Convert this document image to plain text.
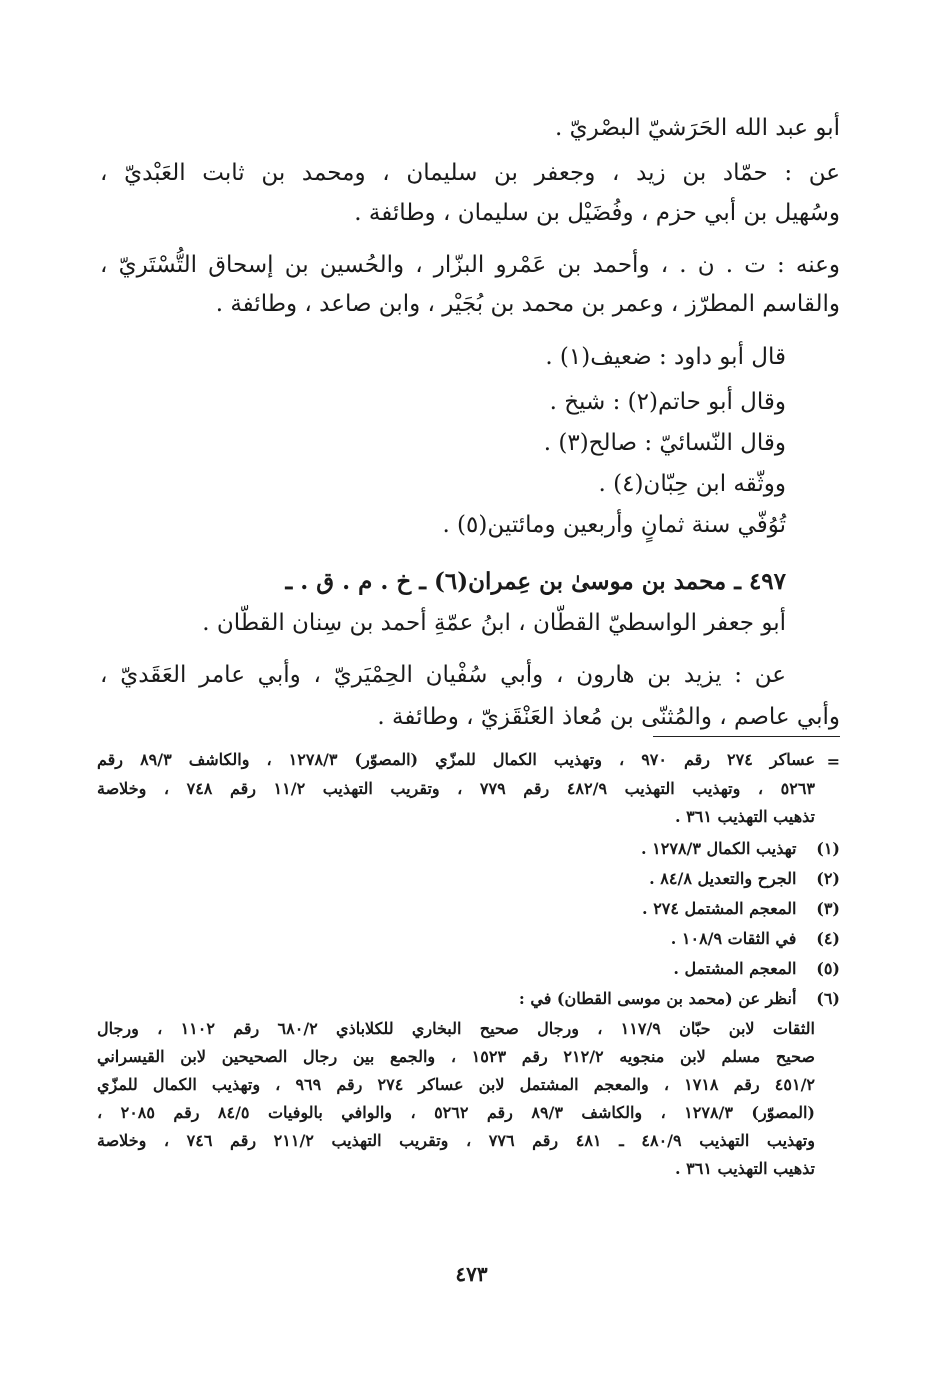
أبو عبد الله الحَرَشيّ البصْريّ .
عن : حمّاد بن زيد ، وجعفر بن سليمان ، ومحمد بن ثابت العَبْديّ ،
وسُهيل بن أبي حزم ، وفُضَيْل بن سليمان ، وطائفة .
وعنه : ت . ن . ، وأحمد بن عَمْرو البزّار ، والحُسين بن إسحاق التُّسْتَريّ ،
والقاسم المطرّز ، وعمر بن محمد بن بُجَيْر ، وابن صاعد ، وطائفة .
قال أبو داود : ضعيف(١) .
وقال أبو حاتم(٢) : شيخ .
وقال النّسائيّ : صالح(٣) .
ووثّقه ابن حِبّان(٤) .
تُوُفّي سنة ثمانٍ وأربعين ومائتين(٥) .
٤٩٧ ـ محمد بن موسىٰ بن عِمران(٦) ـ خ . م . ق . ـ
أبو جعفر الواسطيّ القطّان ، ابنُ عمّةِ أحمد بن سِنان القطّان .
عن : يزيد بن هارون ، وأبي سُفْيان الحِمْيَريّ ، وأبي عامر العَقَديّ ،
وأبي عاصم ، والمُثنّى بن مُعاذ العَنْقَزيّ ، وطائفة .
=
عساكر ٢٧٤ رقم ٩٧٠ ، وتهذيب الكمال للمزّي (المصوّر) ١٢٧٨/٣ ، والكاشف ٨٩/٣ رقم
٥٢٦٣ ، وتهذيب التهذيب ٤٨٢/٩ رقم ٧٧٩ ، وتقريب التهذيب ١١/٢ رقم ٧٤٨ ، وخلاصة
تذهيب التهذيب ٣٦١ .
(١) تهذيب الكمال ١٢٧٨/٣ .
(٢) الجرح والتعديل ٨٤/٨ .
(٣) المعجم المشتمل ٢٧٤ .
(٤) في الثقات ١٠٨/٩ .
(٥) المعجم المشتمل .
(٦) أنظر عن (محمد بن موسى القطان) في :
الثقات لابن حبّان ١١٧/٩ ، ورجال صحيح البخاري للكلاباذي ٦٨٠/٢ رقم ١١٠٢ ، ورجال
صحيح مسلم لابن منجويه ٢١٢/٢ رقم ١٥٢٣ ، والجمع بين رجال الصحيحين لابن القيسراني
٤٥١/٢ رقم ١٧١٨ ، والمعجم المشتمل لابن عساكر ٢٧٤ رقم ٩٦٩ ، وتهذيب الكمال للمزّي
(المصوّر) ١٢٧٨/٣ ، والكاشف ٨٩/٣ رقم ٥٢٦٢ ، والوافي بالوفيات ٨٤/٥ رقم ٢٠٨٥ ،
وتهذيب التهذيب ٤٨٠/٩ ـ ٤٨١ رقم ٧٧٦ ، وتقريب التهذيب ٢١١/٢ رقم ٧٤٦ ، وخلاصة
تذهيب التهذيب ٣٦١ .
٤٧٣
